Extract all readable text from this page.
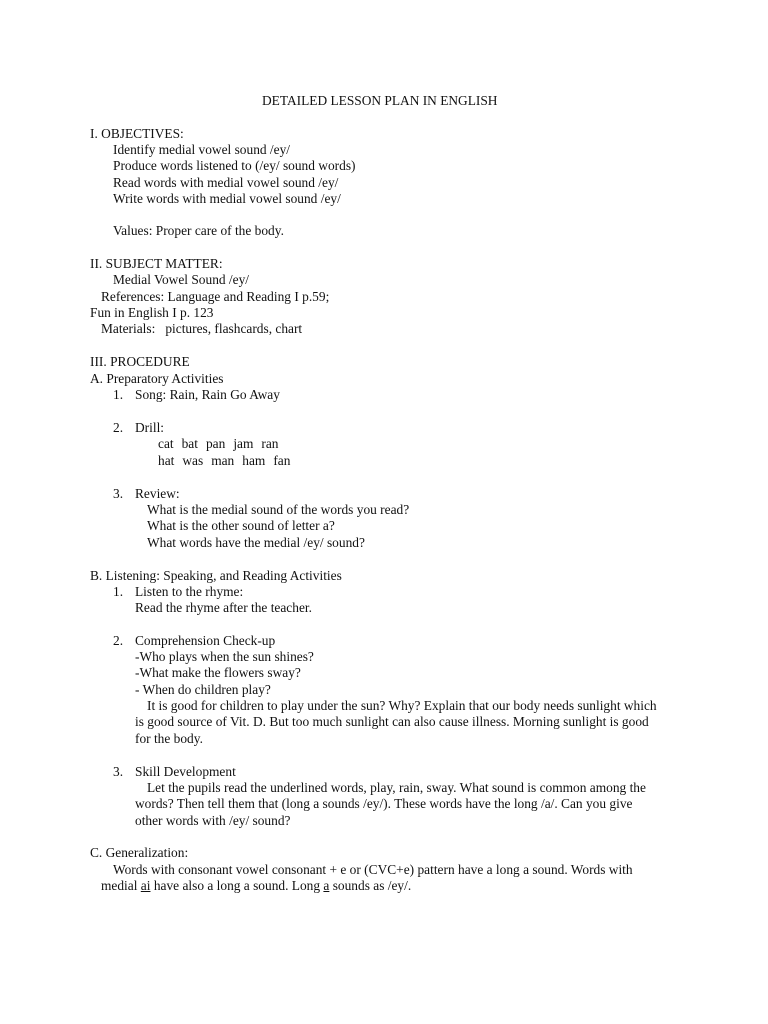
DETAILED LESSON PLAN IN ENGLISH
I. OBJECTIVES:
Identify medial vowel sound /ey/
Produce words listened to (/ey/ sound words)
Read words with medial vowel sound /ey/
Write words with medial vowel sound /ey/
Values: Proper care of the body.
II. SUBJECT MATTER:
Medial Vowel Sound /ey/
References: Language and Reading I p.59;
Fun in English I p. 123
Materials:   pictures, flashcards, chart
III. PROCEDURE
A. Preparatory Activities
1. Song: Rain, Rain Go Away
2. Drill:
cat bat pan jam ran
hat was man ham fan
3. Review:
What is the medial sound of the words you read?
What is the other sound of letter a?
What words have the medial /ey/ sound?
B. Listening: Speaking, and Reading Activities
1. Listen to the rhyme:
Read the rhyme after the teacher.
2. Comprehension Check-up
-Who plays when the sun shines?
-What make the flowers sway?
- When do children play?
It is good for children to play under the sun? Why? Explain that our body needs sunlight which
is good source of Vit. D. But too much sunlight can also cause illness. Morning sunlight is good
for the body.
3. Skill Development
Let the pupils read the underlined words, play, rain, sway. What sound is common among the
words? Then tell them that (long a sounds /ey/). These words have the long /a/. Can you give
other words with /ey/ sound?
C. Generalization:
Words with consonant vowel consonant + e or (CVC+e) pattern have a long a sound. Words with
medial ai have also a long a sound. Long a sounds as /ey/.
